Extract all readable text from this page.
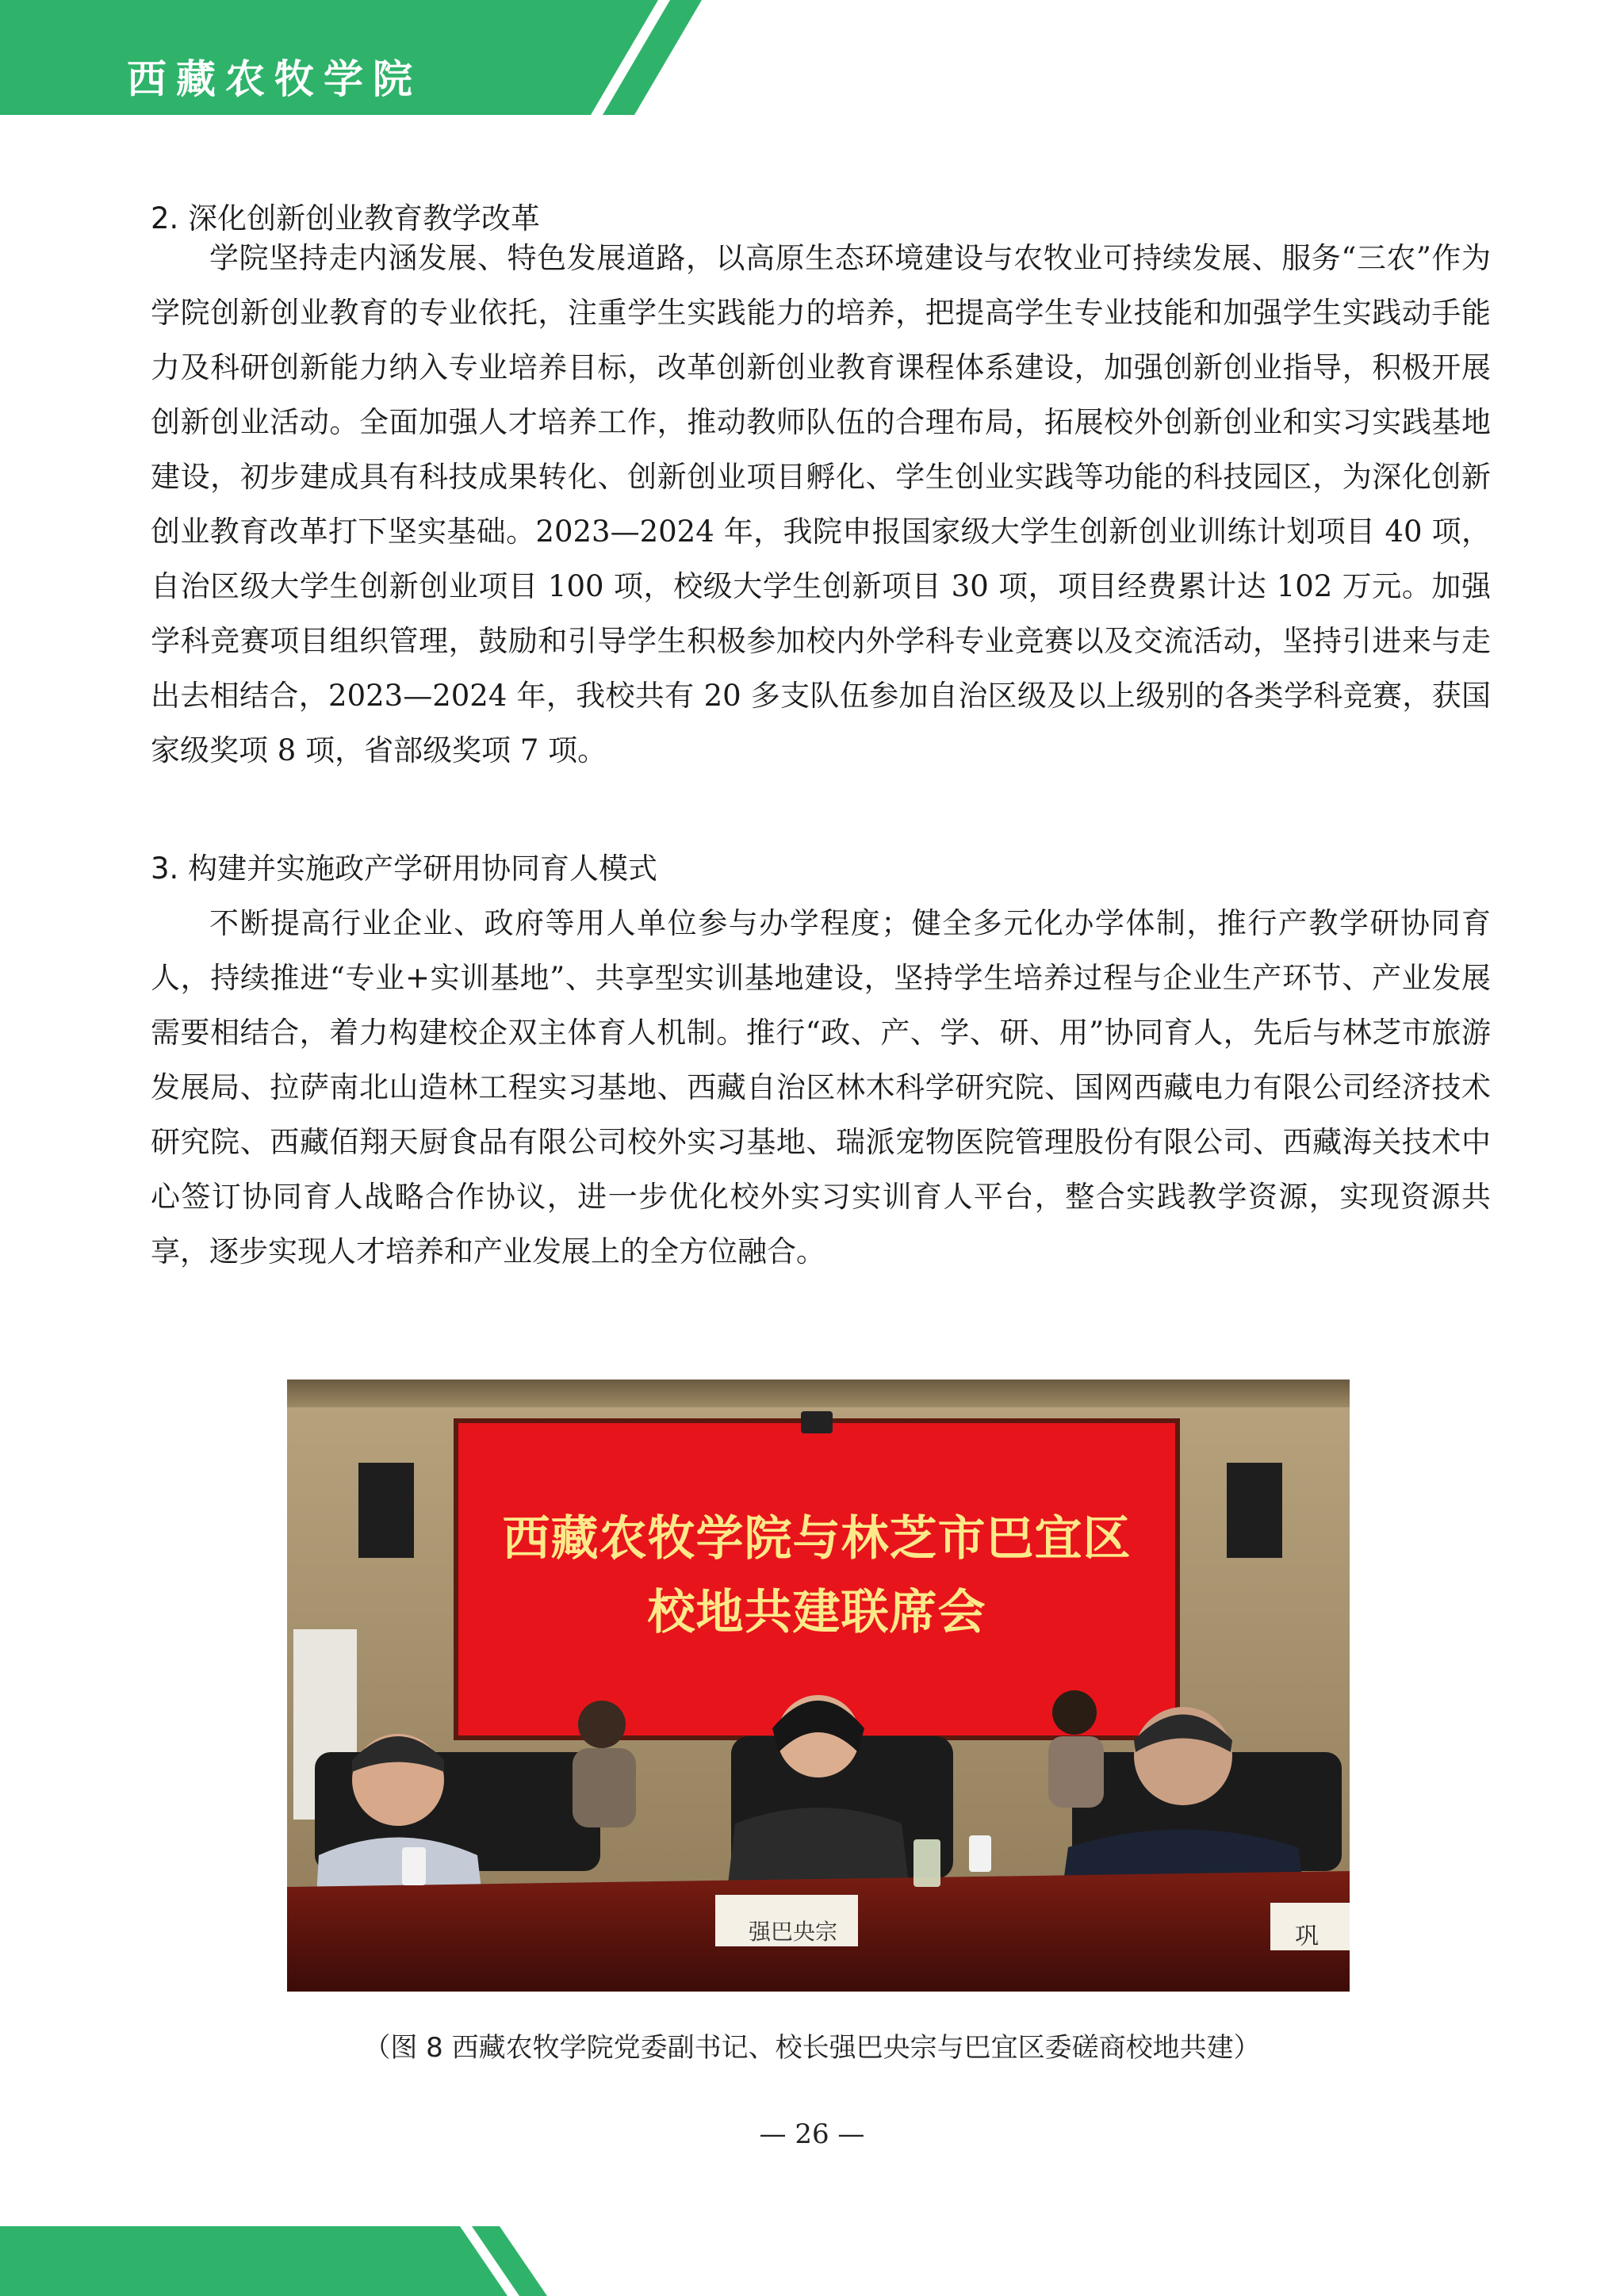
西藏农牧学院
2. 深化创新创业教育教学改革
学院坚持走内涵发展、特色发展道路，以高原生态环境建设与农牧业可持续发展、服务“三农”作为学院创新创业教育的专业依托，注重学生实践能力的培养，把提高学生专业技能和加强学生实践动手能力及科研创新能力纳入专业培养目标，改革创新创业教育课程体系建设，加强创新创业指导，积极开展创新创业活动。全面加强人才培养工作，推动教师队伍的合理布局，拓展校外创新创业和实习实践基地建设，初步建成具有科技成果转化、创新创业项目孵化、学生创业实践等功能的科技园区，为深化创新创业教育改革打下坚实基础。2023—2024 年，我院申报国家级大学生创新创业训练计划项目 40 项，自治区级大学生创新创业项目 100 项，校级大学生创新项目 30 项，项目经费累计达 102 万元。加强学科竞赛项目组织管理，鼓励和引导学生积极参加校内外学科专业竞赛以及交流活动，坚持引进来与走出去相结合，2023—2024 年，我校共有 20 多支队伍参加自治区级及以上级别的各类学科竞赛，获国家级奖项 8 项，省部级奖项 7 项。
3. 构建并实施政产学研用协同育人模式
不断提高行业企业、政府等用人单位参与办学程度；健全多元化办学体制，推行产教学研协同育人，持续推进“专业+实训基地”、共享型实训基地建设，坚持学生培养过程与企业生产环节、产业发展需要相结合，着力构建校企双主体育人机制。推行“政、产、学、研、用”协同育人，先后与林芝市旅游发展局、拉萨南北山造林工程实习基地、西藏自治区林木科学研究院、国网西藏电力有限公司经济技术研究院、西藏佰翔天厨食品有限公司校外实习基地、瑞派宠物医院管理股份有限公司、西藏海关技术中心签订协同育人战略合作协议，进一步优化校外实习实训育人平台，整合实践教学资源，实现资源共享，逐步实现人才培养和产业发展上的全方位融合。
西藏农牧学院与林芝市巴宜区
校地共建联席会
强巴央宗	巩
（图 8 西藏农牧学院党委副书记、校长强巴央宗与巴宜区委磋商校地共建）
— 26 —
